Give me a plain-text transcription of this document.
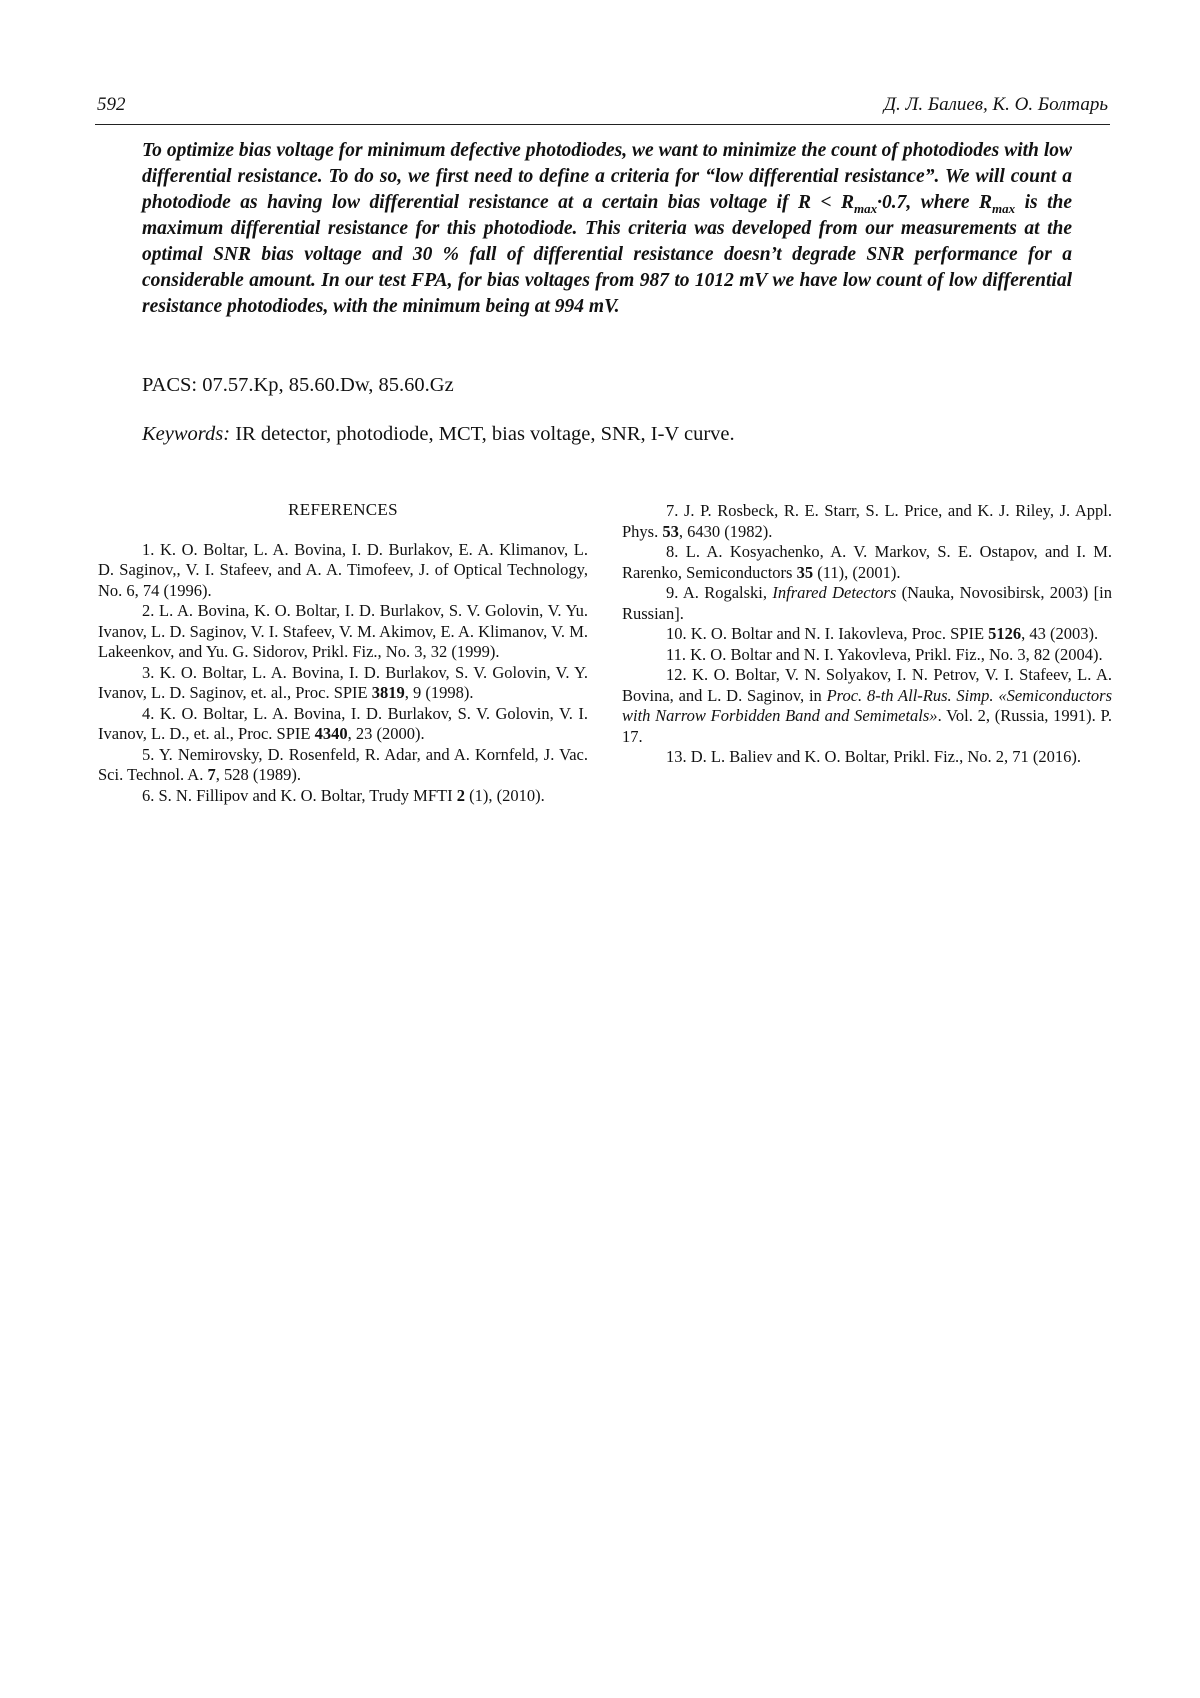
592	Д. Л. Балиев, К. О. Болтарь

To optimize bias voltage for minimum defective photodiodes, we want to minimize the count of photodiodes with low differential resistance. To do so, we first need to define a criteria for “low differential resistance”. We will count a photodiode as having low differential resistance at a certain bias voltage if $R < R_{max}\cdot 0.7$, where $R_{max}$ is the maximum differential resistance for this photodiode. This criteria was developed from our measurements at the optimal SNR bias voltage and 30 % fall of differential resistance doesn’t degrade SNR performance for a considerable amount. In our test FPA, for bias voltages from 987 to 1012 mV we have low count of low differential resistance photodiodes, with the minimum being at 994 mV.

PACS: 07.57.Kp, 85.60.Dw, 85.60.Gz

Keywords: IR detector, photodiode, MCT, bias voltage, SNR, I-V curve.

REFERENCES

1. K. O. Boltar, L. A. Bovina, I. D. Burlakov, E. A. Klimanov, L. D. Saginov,, V. I. Stafeev, and A. A. Timofeev, J. of Optical Technology, No. 6, 74 (1996).

2. L. A. Bovina, K. O. Boltar, I. D. Burlakov, S. V. Golovin, V. Yu. Ivanov, L. D. Saginov, V. I. Stafeev, V. M. Akimov, E. A. Klimanov, V. M. Lakeenkov, and Yu. G. Sidorov, Prikl. Fiz., No. 3, 32 (1999).

3. K. O. Boltar, L. A. Bovina, I. D. Burlakov, S. V. Golovin, V. Y. Ivanov, L. D. Saginov, et. al., Proc. SPIE 3819, 9 (1998).

4. K. O. Boltar, L. A. Bovina, I. D. Burlakov, S. V. Golovin, V. I. Ivanov, L. D., et. al., Proc. SPIE 4340, 23 (2000).

5. Y. Nemirovsky, D. Rosenfeld, R. Adar, and A. Kornfeld, J. Vac. Sci. Technol. A. 7, 528 (1989).

6. S. N. Fillipov and K. O. Boltar, Trudy MFTI 2 (1), (2010).

7. J. P. Rosbeck, R. E. Starr, S. L. Price, and K. J. Riley, J. Appl. Phys. 53, 6430 (1982).

8. L. A. Kosyachenko, A. V. Markov, S. E. Ostapov, and I. M. Rarenko, Semiconductors 35 (11), (2001).

9. A. Rogalski, Infrared Detectors (Nauka, Novosibirsk, 2003) [in Russian].

10. K. O. Boltar and N. I. Iakovleva, Proc. SPIE 5126, 43 (2003).

11. K. O. Boltar and N. I. Yakovleva, Prikl. Fiz., No. 3, 82 (2004).

12. K. O. Boltar, V. N. Solyakov, I. N. Petrov, V. I. Stafeev, L. A. Bovina, and L. D. Saginov, in Proc. 8-th All-Rus. Simp. «Semiconductors with Narrow Forbidden Band and Semimetals». Vol. 2, (Russia, 1991). P. 17.

13. D. L. Baliev and K. O. Boltar, Prikl. Fiz., No. 2, 71 (2016).
